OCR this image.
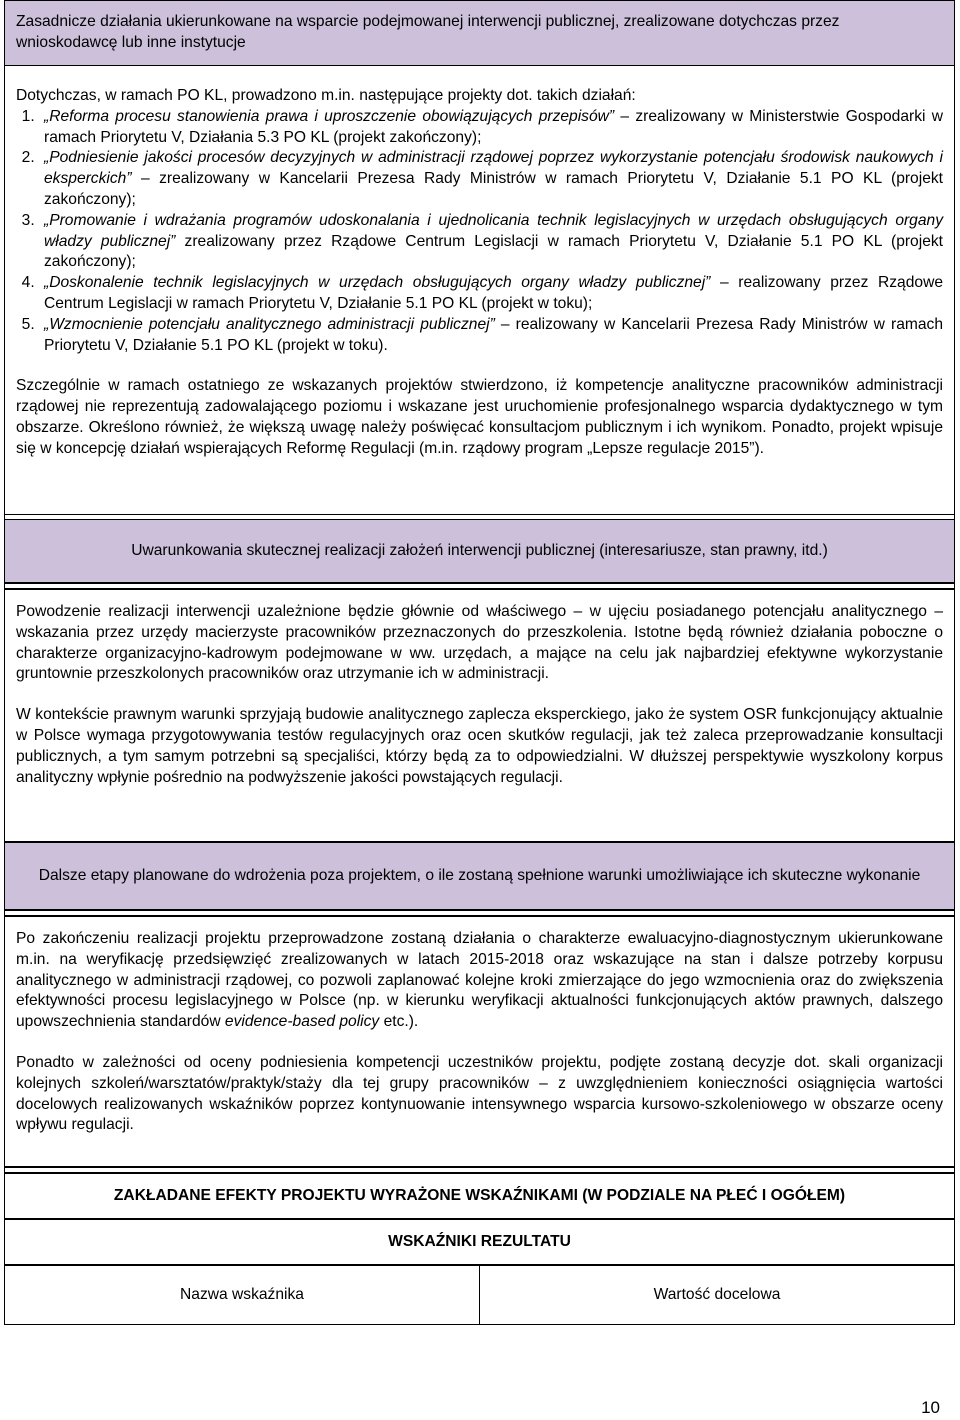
Zasadnicze działania ukierunkowane na wsparcie podejmowanej interwencji publicznej, zrealizowane dotychczas przez wnioskodawcę lub inne instytucje

Dotychczas, w ramach PO KL, prowadzono m.in. następujące projekty dot. takich działań:

1. „Reforma procesu stanowienia prawa i uproszczenie obowiązujących przepisów” – zrealizowany w Ministerstwie Gospodarki w ramach Priorytetu V, Działania 5.3 PO KL (projekt zakończony);
2. „Podniesienie jakości procesów decyzyjnych w administracji rządowej poprzez wykorzystanie potencjału środowisk naukowych i eksperckich” – zrealizowany w Kancelarii Prezesa Rady Ministrów w ramach Priorytetu V, Działanie 5.1 PO KL (projekt zakończony);
3. „Promowanie i wdrażania programów udoskonalania i ujednolicania technik legislacyjnych w urzędach obsługujących organy władzy publicznej” zrealizowany przez Rządowe Centrum Legislacji w ramach Priorytetu V, Działanie 5.1 PO KL (projekt zakończony);
4. „Doskonalenie technik legislacyjnych w urzędach obsługujących organy władzy publicznej” – realizowany przez Rządowe Centrum Legislacji w ramach Priorytetu V, Działanie 5.1 PO KL (projekt w toku);
5. „Wzmocnienie potencjału analitycznego administracji publicznej” – realizowany w Kancelarii Prezesa Rady Ministrów w ramach Priorytetu V, Działanie 5.1 PO KL (projekt w toku).

Szczególnie w ramach ostatniego ze wskazanych projektów stwierdzono, iż kompetencje analityczne pracowników administracji rządowej nie reprezentują zadowalającego poziomu i wskazane jest uruchomienie profesjonalnego wsparcia dydaktycznego w tym obszarze. Określono również, że większą uwagę należy poświęcać konsultacjom publicznym i ich wynikom. Ponadto, projekt wpisuje się w koncepcję działań wspierających Reformę Regulacji (m.in. rządowy program „Lepsze regulacje 2015”).

Uwarunkowania skutecznej realizacji założeń interwencji publicznej (interesariusze, stan prawny, itd.)

Powodzenie realizacji interwencji uzależnione będzie głównie od właściwego – w ujęciu posiadanego potencjału analitycznego – wskazania przez urzędy macierzyste pracowników przeznaczonych do przeszkolenia. Istotne będą również działania poboczne o charakterze organizacyjno-kadrowym podejmowane w ww. urzędach, a mające na celu jak najbardziej efektywne wykorzystanie gruntownie przeszkolonych pracowników oraz utrzymanie ich w administracji.

W kontekście prawnym warunki sprzyjają budowie analitycznego zaplecza eksperckiego, jako że system OSR funkcjonujący aktualnie w Polsce wymaga przygotowywania testów regulacyjnych oraz ocen skutków regulacji, jak też zaleca przeprowadzanie konsultacji publicznych, a tym samym potrzebni są specjaliści, którzy będą za to odpowiedzialni. W dłuższej perspektywie wyszkolony korpus analityczny wpłynie pośrednio na podwyższenie jakości powstających regulacji.

Dalsze etapy planowane do wdrożenia poza projektem, o ile zostaną spełnione warunki umożliwiające ich skuteczne wykonanie

Po zakończeniu realizacji projektu przeprowadzone zostaną działania o charakterze ewaluacyjno-diagnostycznym ukierunkowane m.in. na weryfikację przedsięwzięć zrealizowanych w latach 2015-2018 oraz wskazujące na stan i dalsze potrzeby korpusu analitycznego w administracji rządowej, co pozwoli zaplanować kolejne kroki zmierzające do jego wzmocnienia oraz do zwiększenia efektywności procesu legislacyjnego w Polsce (np. w kierunku weryfikacji aktualności funkcjonujących aktów prawnych, dalszego upowszechnienia standardów evidence-based policy etc.).

Ponadto w zależności od oceny podniesienia kompetencji uczestników projektu, podjęte zostaną decyzje dot. skali organizacji kolejnych szkoleń/warsztatów/praktyk/staży dla tej grupy pracowników – z uwzględnieniem konieczności osiągnięcia wartości docelowych realizowanych wskaźników poprzez kontynuowanie intensywnego wsparcia kursowo-szkoleniowego w obszarze oceny wpływu regulacji.

ZAKŁADANE EFEKTY PROJEKTU WYRAŻONE WSKAŹNIKAMI (W PODZIALE NA PŁEĆ I OGÓŁEM)
WSKAŹNIKI REZULTATU
Nazwa wskaźnika	Wartość docelowa
10
